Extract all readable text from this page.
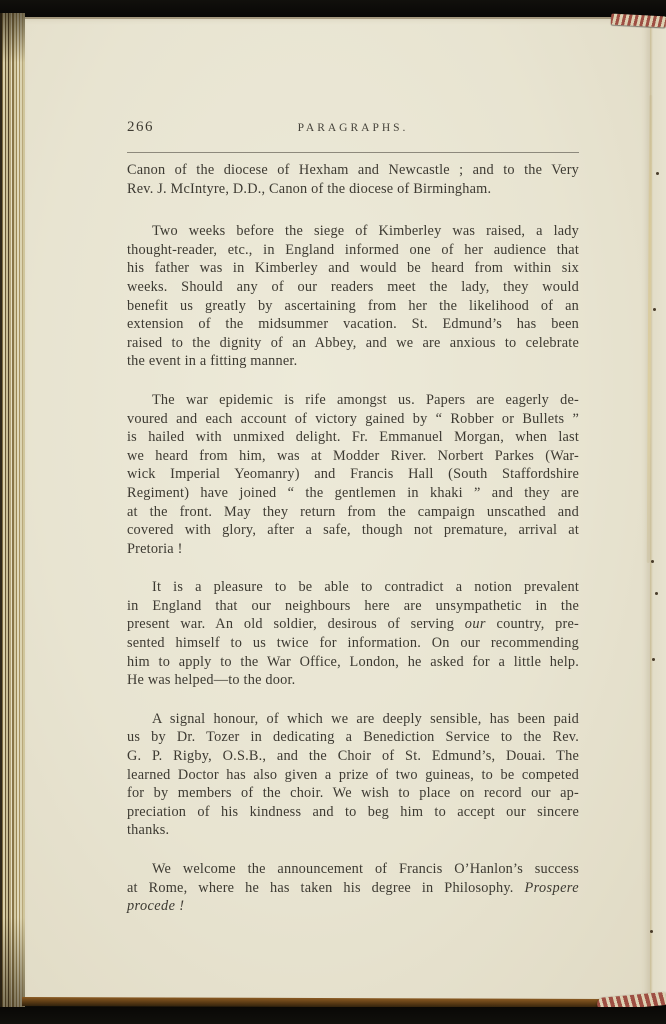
266	PARAGRAPHS.
Canon of the diocese of Hexham and Newcastle ; and to the Very
Rev. J. McIntyre, D.D., Canon of the diocese of Birmingham.
Two weeks before the siege of Kimberley was raised, a lady
thought-reader, etc., in England informed one of her audience that
his father was in Kimberley and would be heard from within six
weeks. Should any of our readers meet the lady, they would
benefit us greatly by ascertaining from her the likelihood of an
extension of the midsummer vacation. St. Edmund’s has been
raised to the dignity of an Abbey, and we are anxious to celebrate
the event in a fitting manner.
The war epidemic is rife amongst us. Papers are eagerly de-
voured and each account of victory gained by “ Robber or Bullets ”
is hailed with unmixed delight. Fr. Emmanuel Morgan, when last
we heard from him, was at Modder River. Norbert Parkes (War-
wick Imperial Yeomanry) and Francis Hall (South Staffordshire
Regiment) have joined “ the gentlemen in khaki ” and they are
at the front. May they return from the campaign unscathed and
covered with glory, after a safe, though not premature, arrival at
Pretoria !
It is a pleasure to be able to contradict a notion prevalent
in England that our neighbours here are unsympathetic in the
present war. An old soldier, desirous of serving our country, pre-
sented himself to us twice for information. On our recommending
him to apply to the War Office, London, he asked for a little help.
He was helped—to the door.
A signal honour, of which we are deeply sensible, has been paid
us by Dr. Tozer in dedicating a Benediction Service to the Rev.
G. P. Rigby, O.S.B., and the Choir of St. Edmund’s, Douai. The
learned Doctor has also given a prize of two guineas, to be competed
for by members of the choir. We wish to place on record our ap-
preciation of his kindness and to beg him to accept our sincere
thanks.
We welcome the announcement of Francis O’Hanlon’s success
at Rome, where he has taken his degree in Philosophy. Prospere
procede !
